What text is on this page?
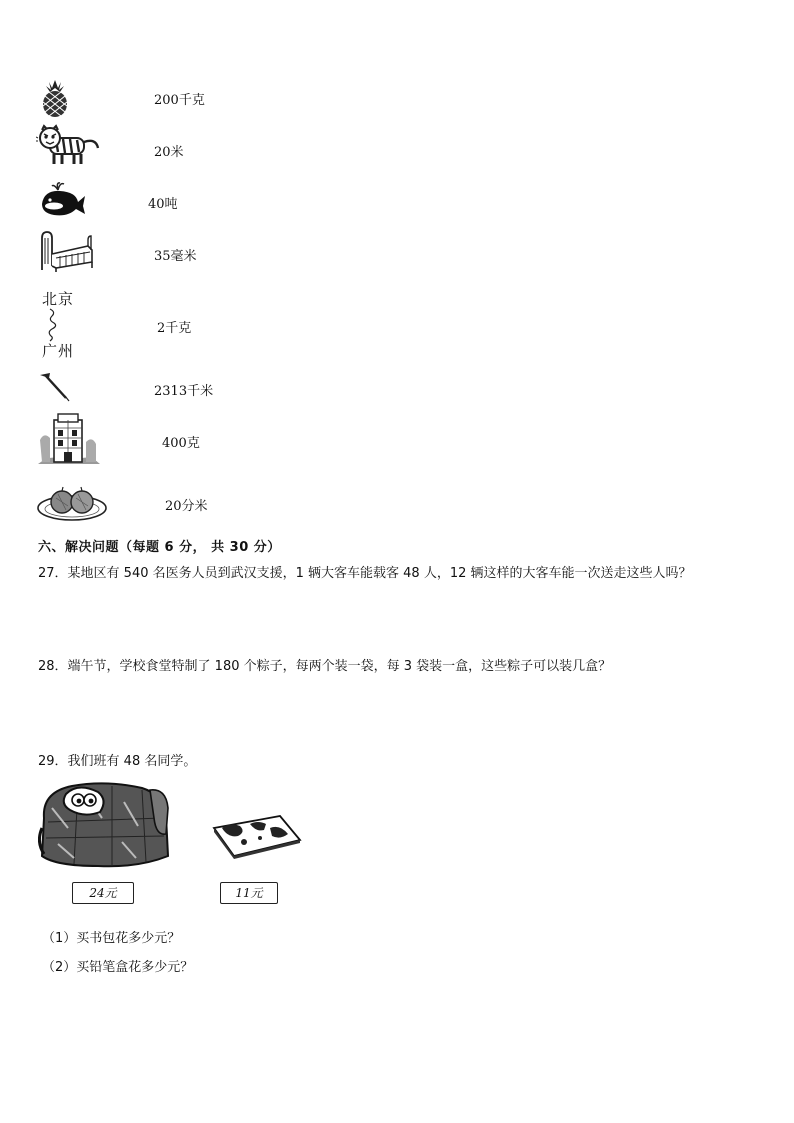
200千克
20米
40吨
35毫米
北京
广州
2千克
2313千米
400克
20分米
六、解决问题（每题 6 分， 共 30 分）
27．某地区有 540 名医务人员到武汉支援，1 辆大客车能载客 48 人，12 辆这样的大客车能一次送走这些人吗？
28．端午节，学校食堂特制了 180 个粽子，每两个装一袋，每 3 袋装一盒，这些粽子可以装几盒？
29．我们班有 48 名同学。
24元	11元
（1）买书包花多少元？
（2）买铅笔盒花多少元？
